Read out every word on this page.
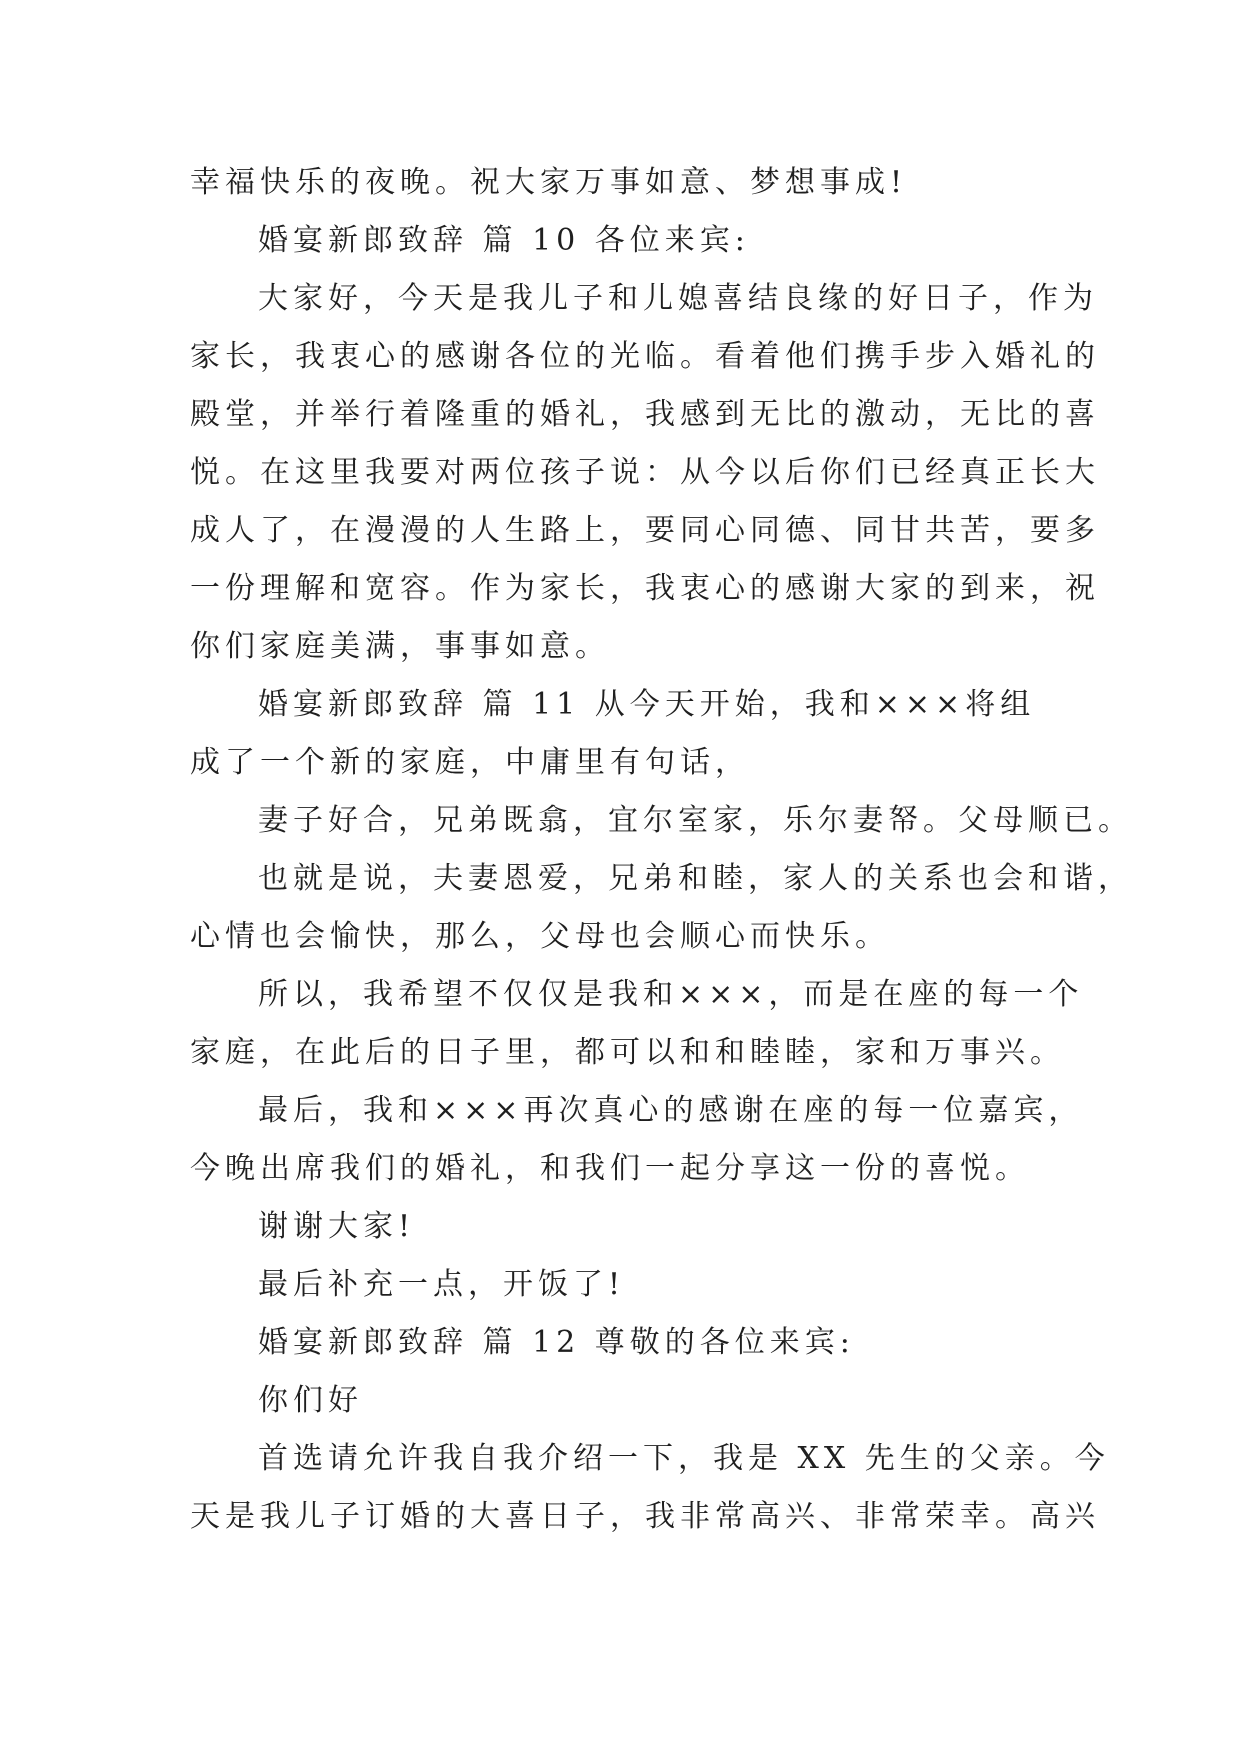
幸福快乐的夜晚。祝大家万事如意、梦想事成!
婚宴新郎致辞 篇 10 各位来宾:
大家好，今天是我儿子和儿媳喜结良缘的好日子，作为
家长，我衷心的感谢各位的光临。看着他们携手步入婚礼的
殿堂，并举行着隆重的婚礼，我感到无比的激动，无比的喜
悦。在这里我要对两位孩子说：从今以后你们已经真正长大
成人了，在漫漫的人生路上，要同心同德、同甘共苦，要多
一份理解和宽容。作为家长，我衷心的感谢大家的到来，祝
你们家庭美满，事事如意。
婚宴新郎致辞 篇 11 从今天开始，我和×××将组
成了一个新的家庭，中庸里有句话，
妻子好合，兄弟既翕，宜尔室家，乐尔妻帑。父母顺已。
也就是说，夫妻恩爱，兄弟和睦，家人的关系也会和谐，
心情也会愉快，那么，父母也会顺心而快乐。
所以，我希望不仅仅是我和×××，而是在座的每一个
家庭，在此后的日子里，都可以和和睦睦，家和万事兴。
最后，我和×××再次真心的感谢在座的每一位嘉宾，
今晚出席我们的婚礼，和我们一起分享这一份的喜悦。
谢谢大家!
最后补充一点，开饭了!
婚宴新郎致辞 篇 12 尊敬的各位来宾:
你们好
首选请允许我自我介绍一下，我是 XX 先生的父亲。今
天是我儿子订婚的大喜日子，我非常高兴、非常荣幸。高兴
